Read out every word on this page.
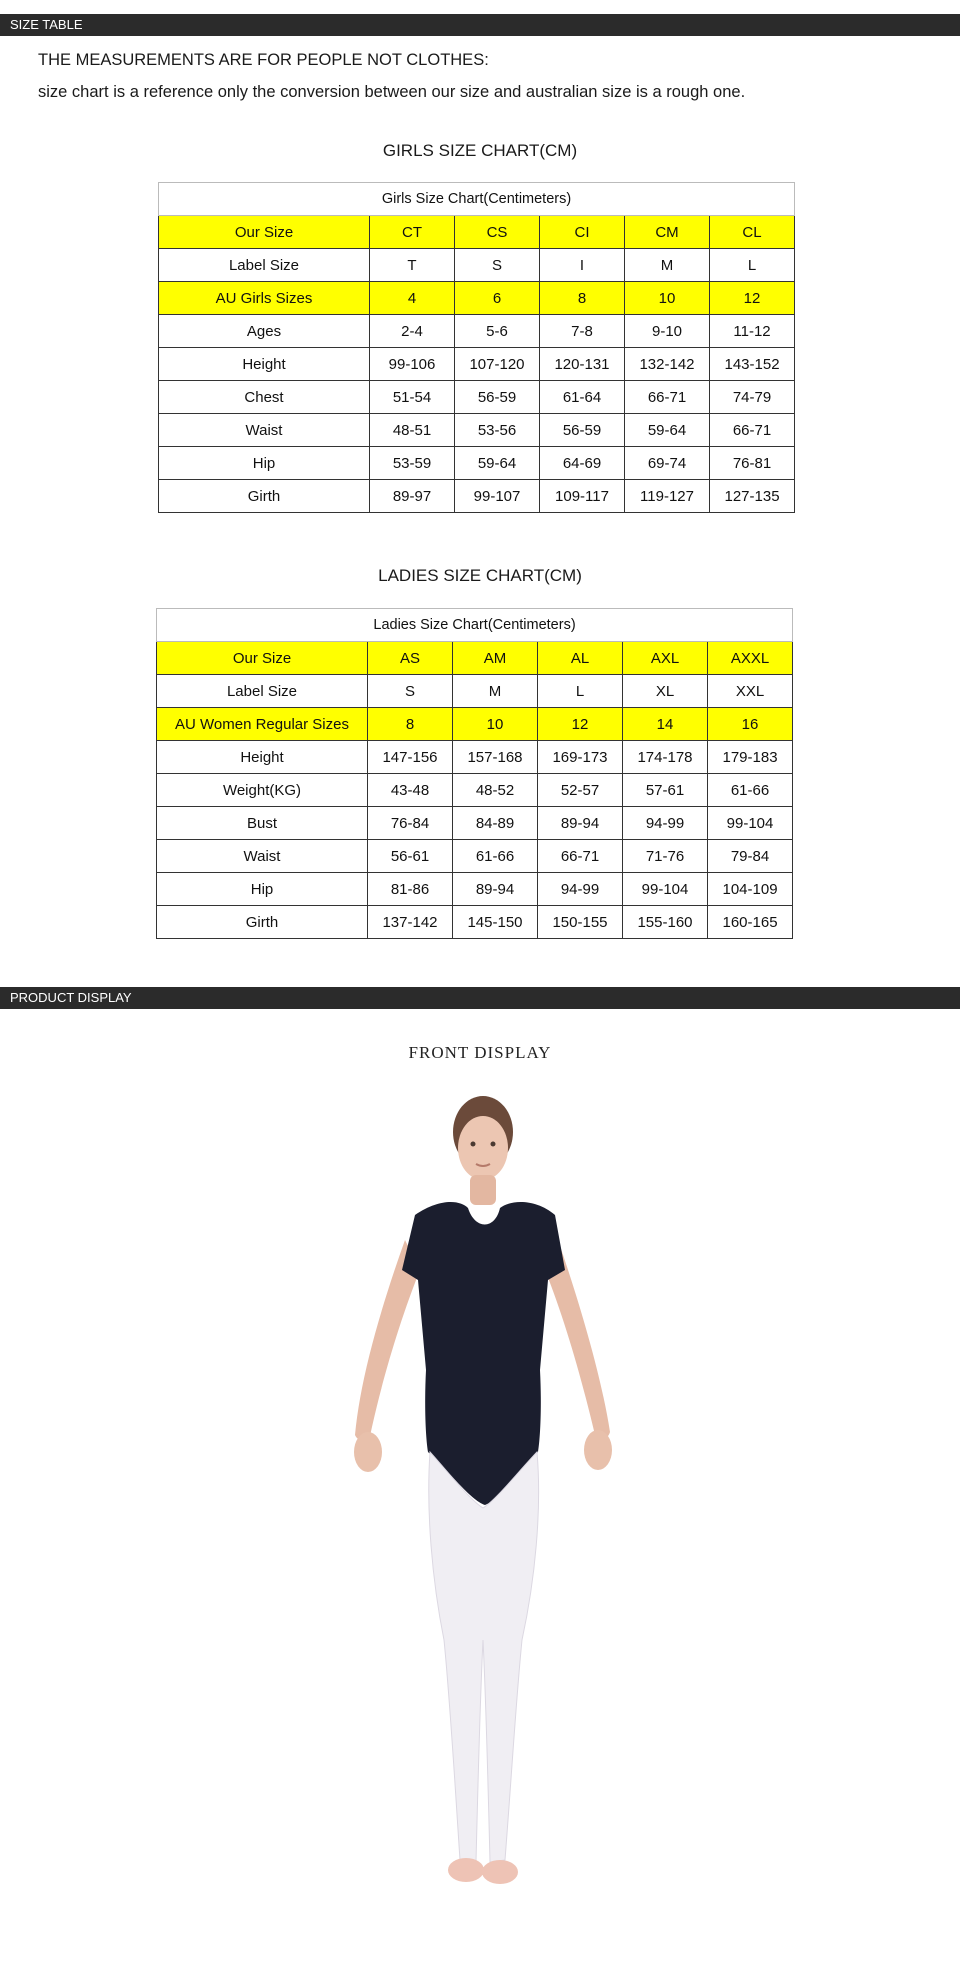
SIZE TABLE
THE MEASUREMENTS ARE FOR PEOPLE NOT CLOTHES:
size chart is a reference only the conversion between our size and australian size is a rough one.
GIRLS SIZE CHART(CM)
Girls Size Chart(Centimeters)					
Our Size	CT	CS	CI	CM	CL
Label Size	T	S	I	M	L
AU Girls Sizes	4	6	8	10	12
Ages	2-4	5-6	7-8	9-10	11-12
Height	99-106	107-120	120-131	132-142	143-152
Chest	51-54	56-59	61-64	66-71	74-79
Waist	48-51	53-56	56-59	59-64	66-71
Hip	53-59	59-64	64-69	69-74	76-81
Girth	89-97	99-107	109-117	119-127	127-135
LADIES SIZE CHART(CM)
Ladies Size Chart(Centimeters)					
Our Size	AS	AM	AL	AXL	AXXL
Label Size	S	M	L	XL	XXL
AU Women Regular Sizes	8	10	12	14	16
Height	147-156	157-168	169-173	174-178	179-183
Weight(KG)	43-48	48-52	52-57	57-61	61-66
Bust	76-84	84-89	89-94	94-99	99-104
Waist	56-61	61-66	66-71	71-76	79-84
Hip	81-86	89-94	94-99	99-104	104-109
Girth	137-142	145-150	150-155	155-160	160-165
PRODUCT DISPLAY
FRONT DISPLAY
